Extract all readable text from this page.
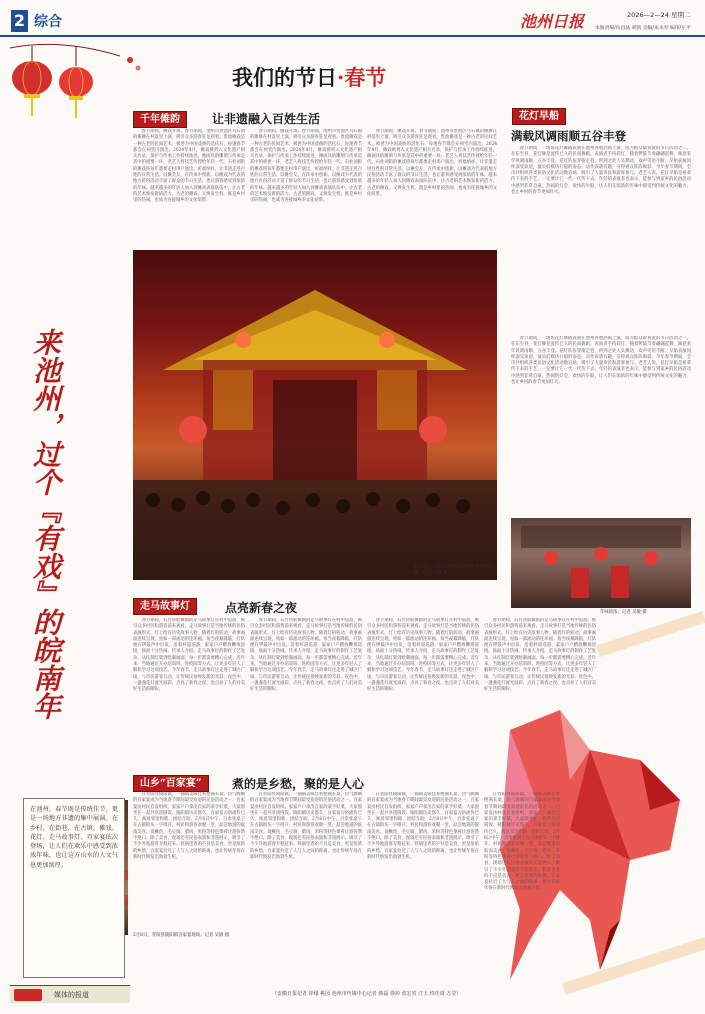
2 综合	池州日报	2026—2—24 星期二
本版责编/伍昌晶 胡凯 美编/朱永琴 编审/左平
我们的节日·春节
千年傩韵	让非遗融入百姓生活

春节期间，傩戏开场。春节期间，池州市贵池区乌石镇的傩舞在村落里上演，吸引众多游客驻足观看。贵池傩戏是一种古老的民间艺术，被誉为中国戏曲的活化石，每逢春节都会在祠堂内演出。2024年4月，傩戏被列入文化遗产相关名录，保护与传承工作持续推进。傩面具的雕刻与传承是其中的重要一环，老艺人将技艺传授给年轻一代。石柱刘街的傩戏班每年都要走村串户演出，祈福纳祥，让非遗走进百姓的日常生活。以傩会友，在传承中创新。以傩戏为代表的地方民俗活动丰富了群众的节日生活，也让游客感受到浓浓的年味。越来越多的年轻人加入到傩戏表演队伍中，让古老的艺术焕发新的活力。古老的傩戏，又焕发生机，既是乡村里的热闹，也成为连接城乡的文化纽带。

春节期间，傩戏开场。春节期间，池州市贵池区乌石镇的傩舞在村落里上演，吸引众多游客驻足观看。贵池傩戏是一种古老的民间艺术，被誉为中国戏曲的活化石，每逢春节都会在祠堂内演出。2024年4月，傩戏被列入文化遗产相关名录，保护与传承工作持续推进。傩面具的雕刻与传承是其中的重要一环，老艺人将技艺传授给年轻一代。石柱刘街的傩戏班每年都要走村串户演出，祈福纳祥，让非遗走进百姓的日常生活。以傩会友，在传承中创新。以傩戏为代表的地方民俗活动丰富了群众的节日生活，也让游客感受到浓浓的年味。越来越多的年轻人加入到傩戏表演队伍中，让古老的艺术焕发新的活力。古老的傩戏，又焕发生机，既是乡村里的热闹，也成为连接城乡的文化纽带。

春节期间，傩戏开场。春节期间，池州市贵池区乌石镇的傩舞在村落里上演，吸引众多游客驻足观看。贵池傩戏是一种古老的民间艺术，被誉为中国戏曲的活化石，每逢春节都会在祠堂内演出。2024年4月，傩戏被列入文化遗产相关名录，保护与传承工作持续推进。傩面具的雕刻与传承是其中的重要一环，老艺人将技艺传授给年轻一代。石柱刘街的傩戏班每年都要走村串户演出，祈福纳祥，让非遗走进百姓的日常生活。以傩会友，在传承中创新。以傩戏为代表的地方民俗活动丰富了群众的节日生活，也让游客感受到浓浓的年味。越来越多的年轻人加入到傩戏表演队伍中，让古老的艺术焕发新的活力。古老的傩戏，又焕发生机，既是乡村里的热闹，也成为连接城乡的文化纽带。

2月18日，游客在池州市贵池区傩仙镇游玩。记者 吴敏 摄
来池州，过个『有戏』的皖南年
花灯早船
满载风调雨顺五谷丰登

春节期间，一场场花灯舞蹈表演在池州各地热闹上演，成为群众最喜爱的节日活动之一。在东至县，花灯舞是流传已久的民间舞蹈，表演者手持彩灯，随着锣鼓节奏翩翩起舞，寓意来年风调雨顺、五谷丰登。花灯队伍穿街走巷，所到之处人头攒动，欢声笑语不断。早船表演同样深受欢迎，演员们模仿行船的姿态，动作诙谐有趣，引得观众阵阵喝彩。今年春节期间，全市共组织各类民俗文化活动数百场，吸引了大量市民和游客参与。老艺人说，花灯早船是祖辈传下来的手艺，一定要让它一代一代传下去。年轻的表演者也表示，能参与到家乡的民俗活动中感到非常自豪。热闹的灯会、欢快的早船，让人们在浓浓的年味中感受到传统文化的魅力，也让乡村的春节更加红火。

春节期间，一场场花灯舞蹈表演在池州各地热闹上演，成为群众最喜爱的节日活动之一。在东至县，花灯舞是流传已久的民间舞蹈，表演者手持彩灯，随着锣鼓节奏翩翩起舞，寓意来年风调雨顺、五谷丰登。花灯队伍穿街走巷，所到之处人头攒动，欢声笑语不断。早船表演同样深受欢迎，演员们模仿行船的姿态，动作诙谐有趣，引得观众阵阵喝彩。今年春节期间，全市共组织各类民俗文化活动数百场，吸引了大量市民和游客参与。老艺人说，花灯早船是祖辈传下来的手艺，一定要让它一代一代传下去。年轻的表演者也表示，能参与到家乡的民俗活动中感到非常自豪。热闹的灯会、欢快的早船，让人们在浓浓的年味中感受到传统文化的魅力，也让乡村的春节更加红火。

年味浓浓。记者 吴敏 摄
走马故事灯	点亮新春之夜

春节期间，石台县仙寓镇的走马故事灯在村中巡游，吸引众多村民和游客前来观看。走马故事灯是当地传统的民俗表演形式，灯上绘有历史故事人物，随着灯的转动，故事画面连续呈现，宛如一部流动的连环画。每当夜幕降临，灯队便在锣鼓声中出发，沿着村道巡游，家家户户燃放鞭炮迎接，场面十分热闹。传承人介绍，走马故事灯的制作工艺复杂，从扎制灯架到绘制画面，每一步都需要精心完成。近年来，当地通过开办培训班、进校园等方式，让更多年轻人了解和学习这项技艺。今年春节，走马故事灯还走进了城区广场，与市民游客互动，让传统民俗焕发新的光彩。夜色中，一盏盏花灯流光溢彩，点亮了新春之夜，也点亮了人们对美好生活的期盼。

春节期间，石台县仙寓镇的走马故事灯在村中巡游，吸引众多村民和游客前来观看。走马故事灯是当地传统的民俗表演形式，灯上绘有历史故事人物，随着灯的转动，故事画面连续呈现，宛如一部流动的连环画。每当夜幕降临，灯队便在锣鼓声中出发，沿着村道巡游，家家户户燃放鞭炮迎接，场面十分热闹。传承人介绍，走马故事灯的制作工艺复杂，从扎制灯架到绘制画面，每一步都需要精心完成。近年来，当地通过开办培训班、进校园等方式，让更多年轻人了解和学习这项技艺。今年春节，走马故事灯还走进了城区广场，与市民游客互动，让传统民俗焕发新的光彩。夜色中，一盏盏花灯流光溢彩，点亮了新春之夜，也点亮了人们对美好生活的期盼。

春节期间，石台县仙寓镇的走马故事灯在村中巡游，吸引众多村民和游客前来观看。走马故事灯是当地传统的民俗表演形式，灯上绘有历史故事人物，随着灯的转动，故事画面连续呈现，宛如一部流动的连环画。每当夜幕降临，灯队便在锣鼓声中出发，沿着村道巡游，家家户户燃放鞭炮迎接，场面十分热闹。传承人介绍，走马故事灯的制作工艺复杂，从扎制灯架到绘制画面，每一步都需要精心完成。近年来，当地通过开办培训班、进校园等方式，让更多年轻人了解和学习这项技艺。今年春节，走马故事灯还走进了城区广场，与市民游客互动，让传统民俗焕发新的光彩。夜色中，一盏盏花灯流光溢彩，点亮了新春之夜，也点亮了人们对美好生活的期盼。

春节期间，石台县仙寓镇的走马故事灯在村中巡游，吸引众多村民和游客前来观看。走马故事灯是当地传统的民俗表演形式，灯上绘有历史故事人物，随着灯的转动，故事画面连续呈现，宛如一部流动的连环画。每当夜幕降临，灯队便在锣鼓声中出发，沿着村道巡游，家家户户燃放鞭炮迎接，场面十分热闹。传承人介绍，走马故事灯的制作工艺复杂，从扎制灯架到绘制画面，每一步都需要精心完成。近年来，当地通过开办培训班、进校园等方式，让更多年轻人了解和学习这项技艺。今年春节，走马故事灯还走进了城区广场，与市民游客互动，让传统民俗焕发新的光彩。夜色中，一盏盏花灯流光溢彩，点亮了新春之夜，也点亮了人们对美好生活的期盼。

山乡“百家宴”	煮的是乡愁，聚的是人心
2月8日，青阳县陵阳镇百家宴现场。记者 吴敏 摄

在青阳县陵阳镇，一锅锅美味佳肴摆满长桌，热气腾腾的百家宴成为当地春节期间最受欢迎的民俗活动之一。百家宴由村民自发组织，家家户户拿出自家的拿手好菜，大家围坐在一起共享团圆饭。陵阳镇历史悠久，百家宴习俗流传已久，寓意邻里和睦、团结互助。2月8日中午，百余张桌子在古镇街头一字排开，村民和游客欢聚一堂，品尝地道的皖南美食。臭鳜鱼、毛豆腐、腊肉、米粉等特色菜肴让游客赞不绝口。除了美食，现场还有民俗表演和非遗展示，吸引了不少外地游客专程赶来。铁锅里煮的不仅是美食，更是浓浓的乡愁，百家宴拉近了人与人之间的距离，也让传统年俗在新时代焕发出勃勃生机。

在青阳县陵阳镇，一锅锅美味佳肴摆满长桌，热气腾腾的百家宴成为当地春节期间最受欢迎的民俗活动之一。百家宴由村民自发组织，家家户户拿出自家的拿手好菜，大家围坐在一起共享团圆饭。陵阳镇历史悠久，百家宴习俗流传已久，寓意邻里和睦、团结互助。2月8日中午，百余张桌子在古镇街头一字排开，村民和游客欢聚一堂，品尝地道的皖南美食。臭鳜鱼、毛豆腐、腊肉、米粉等特色菜肴让游客赞不绝口。除了美食，现场还有民俗表演和非遗展示，吸引了不少外地游客专程赶来。铁锅里煮的不仅是美食，更是浓浓的乡愁，百家宴拉近了人与人之间的距离，也让传统年俗在新时代焕发出勃勃生机。

在青阳县陵阳镇，一锅锅美味佳肴摆满长桌，热气腾腾的百家宴成为当地春节期间最受欢迎的民俗活动之一。百家宴由村民自发组织，家家户户拿出自家的拿手好菜，大家围坐在一起共享团圆饭。陵阳镇历史悠久，百家宴习俗流传已久，寓意邻里和睦、团结互助。2月8日中午，百余张桌子在古镇街头一字排开，村民和游客欢聚一堂，品尝地道的皖南美食。臭鳜鱼、毛豆腐、腊肉、米粉等特色菜肴让游客赞不绝口。除了美食，现场还有民俗表演和非遗展示，吸引了不少外地游客专程赶来。铁锅里煮的不仅是美食，更是浓浓的乡愁，百家宴拉近了人与人之间的距离，也让传统年俗在新时代焕发出勃勃生机。

在青阳县陵阳镇，一锅锅美味佳肴摆满长桌，热气腾腾的百家宴成为当地春节期间最受欢迎的民俗活动之一。百家宴由村民自发组织，家家户户拿出自家的拿手好菜，大家围坐在一起共享团圆饭。陵阳镇历史悠久，百家宴习俗流传已久，寓意邻里和睦、团结互助。2月8日中午，百余张桌子在古镇街头一字排开，村民和游客欢聚一堂，品尝地道的皖南美食。臭鳜鱼、毛豆腐、腊肉、米粉等特色菜肴让游客赞不绝口。除了美食，现场还有民俗表演和非遗展示，吸引了不少外地游客专程赶来。铁锅里煮的不仅是美食，更是浓浓的乡愁，百家宴拉近了人与人之间的距离，也让传统年俗在新时代焕发出勃勃生机。

在池州，春节既是传统佳节，更是一场地方非遗的集中展演。在乡村，在街巷，在古镇，傩戏、花灯、走马故事灯、百家宴依次登场，让人们在欢乐中感受到浓浓年味，也让这方山水的人文气息更加浓厚。
媒体的报道	（安徽日报记者 徐缘 桃园 池州市传媒中心记者 韩磊 徐婷 张宏省 汪玉 终佳琦 方莹）
